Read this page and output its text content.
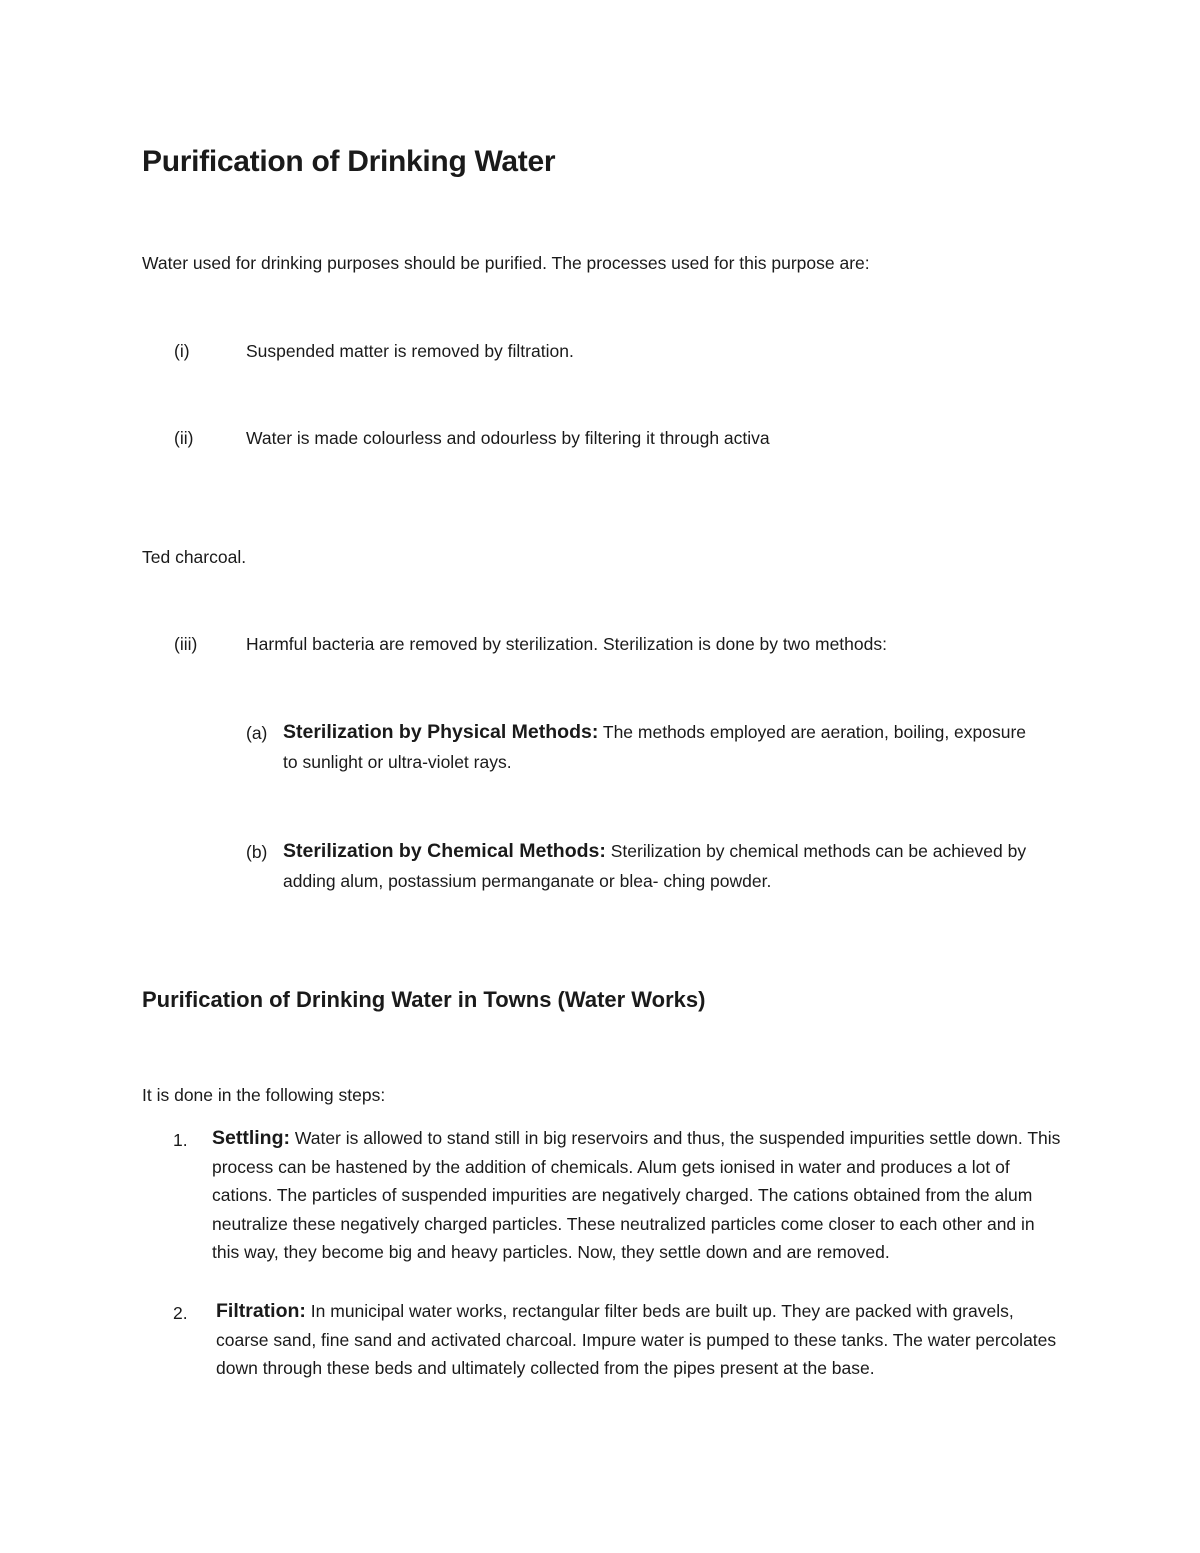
Purification of Drinking Water
Water used for drinking purposes should be purified. The processes used for this purpose are:
(i)	Suspended matter is removed by filtration.
(ii)	Water is made colourless and odourless by filtering it through activa
Ted charcoal.
(iii)	Harmful bacteria are removed by sterilization. Sterilization is done by two methods:
(a) Sterilization by Physical Methods: The methods employed are aeration, boiling, exposure to sunlight or ultra-violet rays.
(b) Sterilization by Chemical Methods: Sterilization by chemical methods can be achieved by adding alum, postassium permanganate or blea- ching powder.
Purification of Drinking Water in Towns (Water Works)
It is done in the following steps:
1. Settling: Water is allowed to stand still in big reservoirs and thus, the suspended impurities settle down. This process can be hastened by the addition of chemicals. Alum gets ionised in water and produces a lot of cations. The particles of suspended impurities are negatively charged. The cations obtained from the alum neutralize these negatively charged particles. These neutralized particles come closer to each other and in this way, they become big and heavy particles. Now, they settle down and are removed.
2. Filtration: In municipal water works, rectangular filter beds are built up. They are packed with gravels, coarse sand, fine sand and activated charcoal. Impure water is pumped to these tanks. The water percolates down through these beds and ultimately collected from the pipes present at the base.
